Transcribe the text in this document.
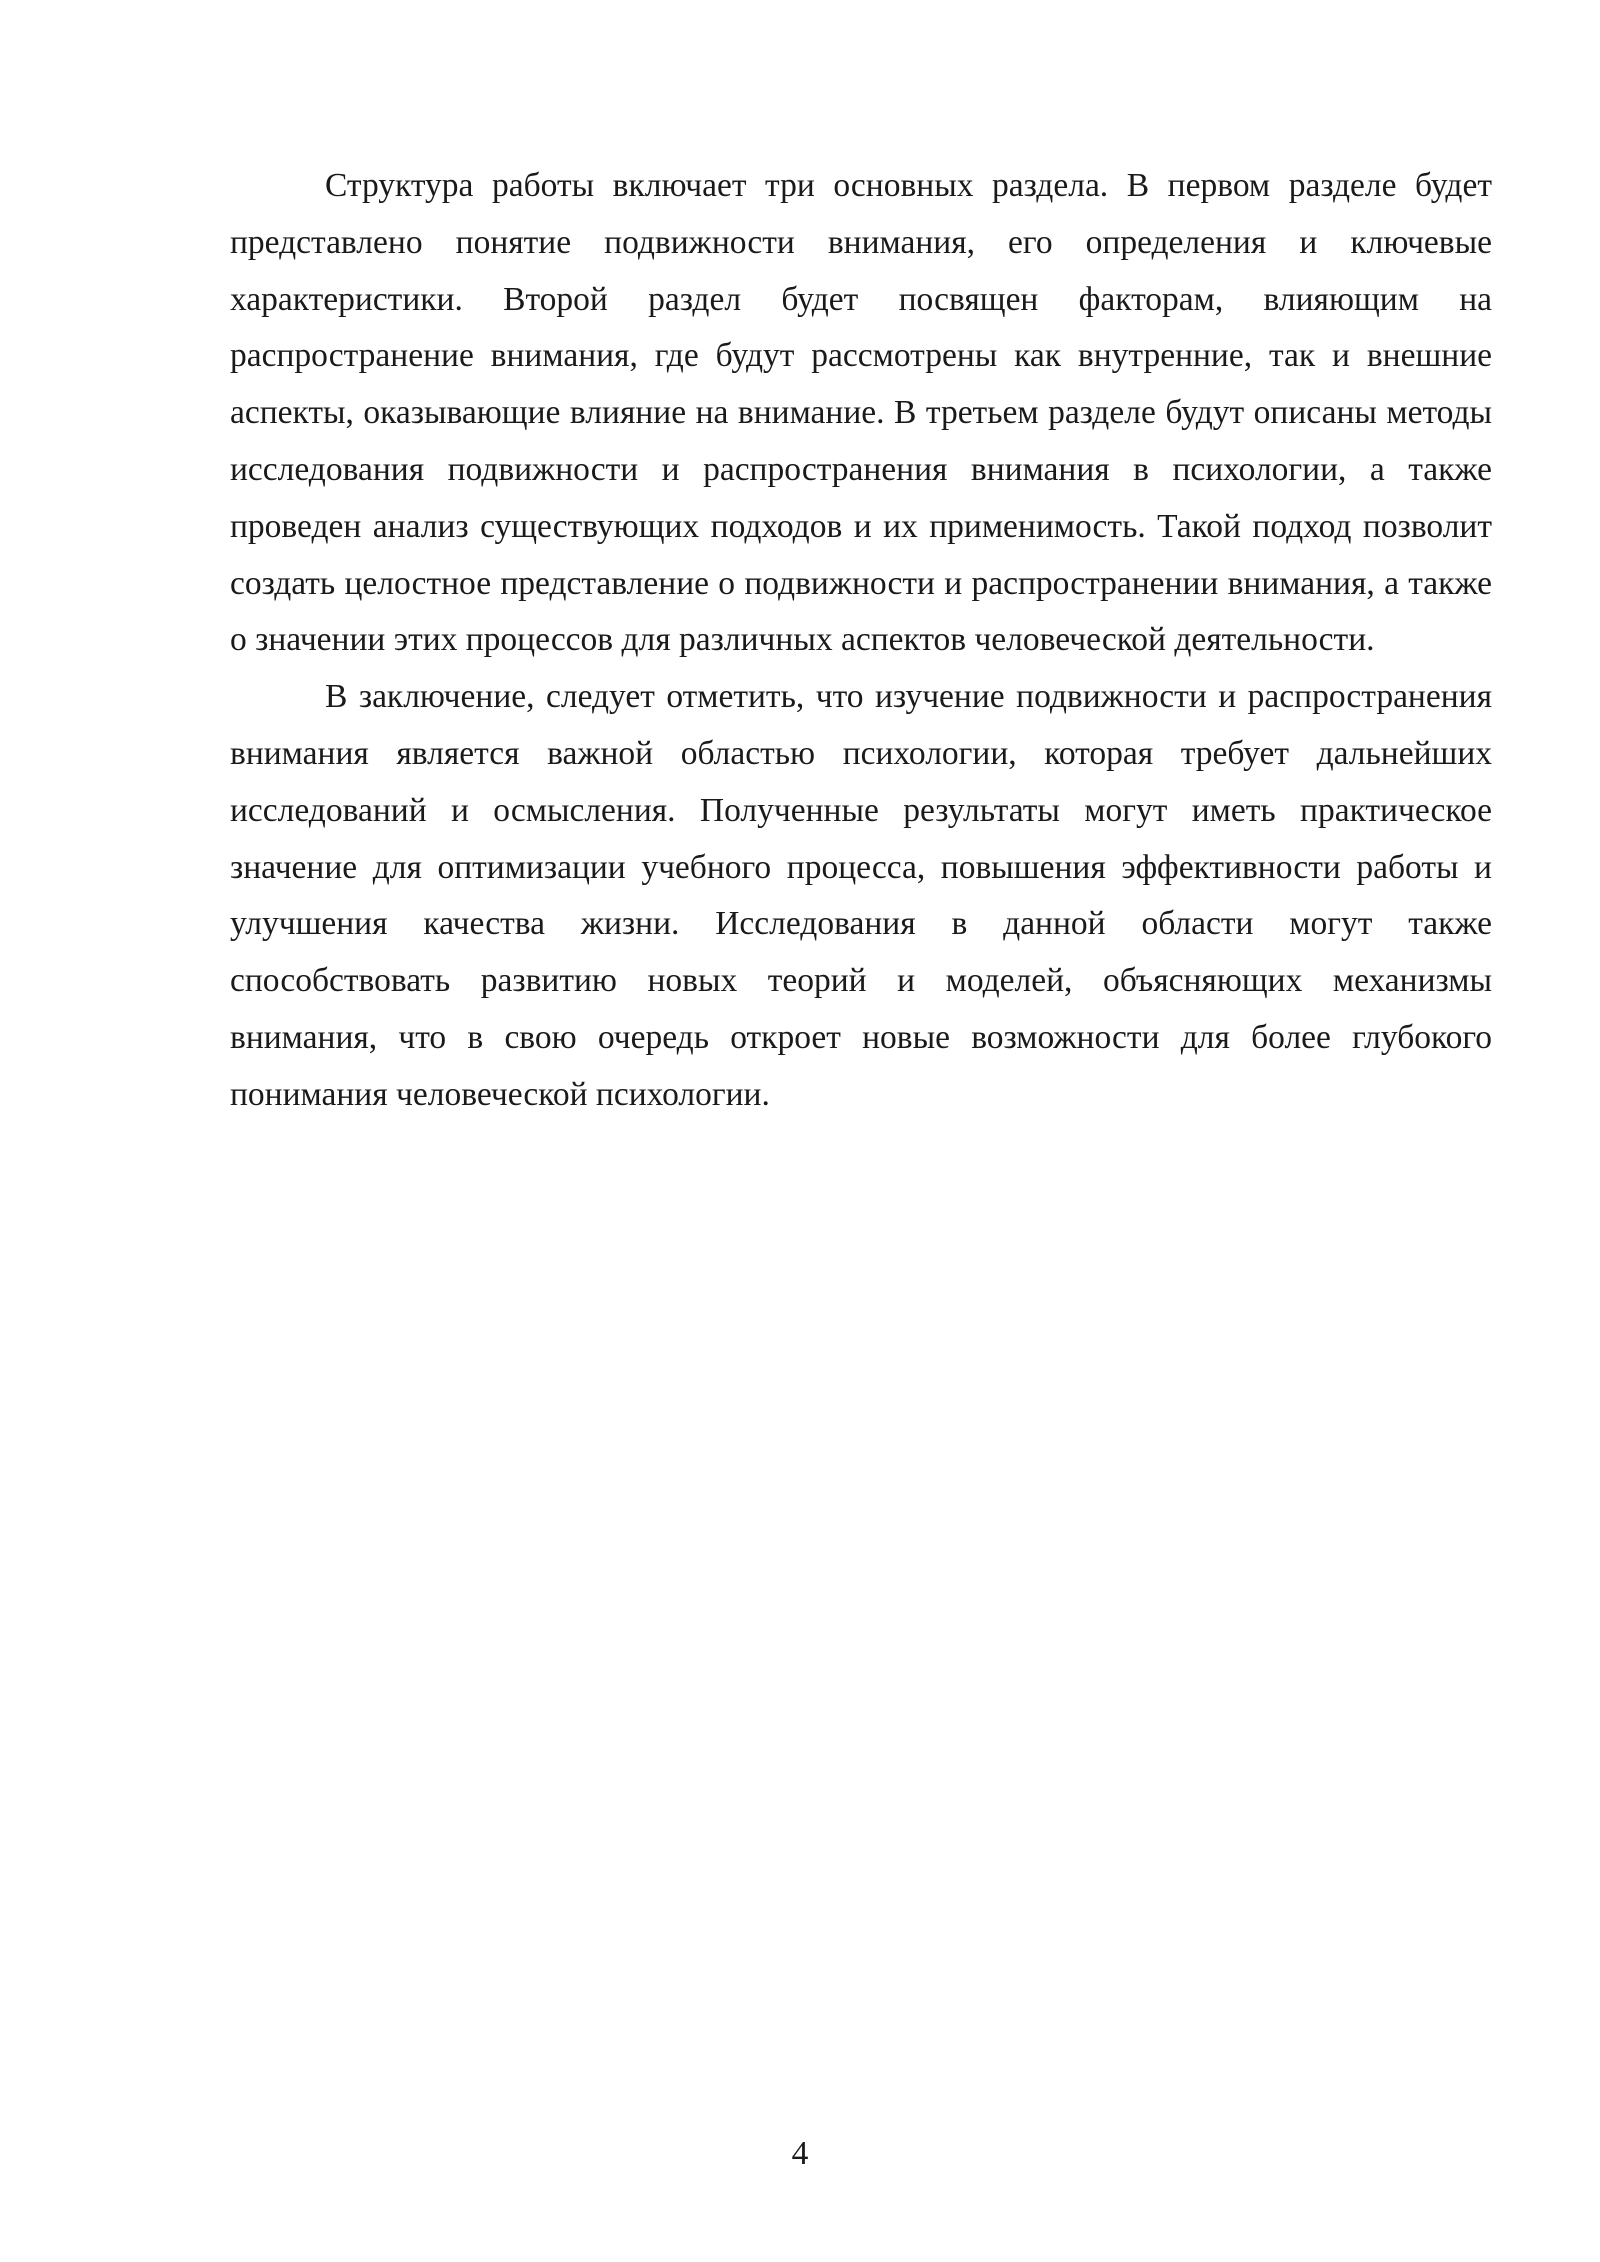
Структура работы включает три основных раздела. В первом разделе будет представлено понятие подвижности внимания, его определения и ключевые характеристики. Второй раздел будет посвящен факторам, влияющим на распространение внимания, где будут рассмотрены как внутренние, так и внешние аспекты, оказывающие влияние на внимание. В третьем разделе будут описаны методы исследования подвижности и распространения внимания в психологии, а также проведен анализ существующих подходов и их применимость. Такой подход позволит создать целостное представление о подвижности и распространении внимания, а также о значении этих процессов для различных аспектов человеческой деятельности.

В заключение, следует отметить, что изучение подвижности и распространения внимания является важной областью психологии, которая требует дальнейших исследований и осмысления. Полученные результаты могут иметь практическое значение для оптимизации учебного процесса, повышения эффективности работы и улучшения качества жизни. Исследования в данной области могут также способствовать развитию новых теорий и моделей, объясняющих механизмы внимания, что в свою очередь откроет новые возможности для более глубокого понимания человеческой психологии.

4
